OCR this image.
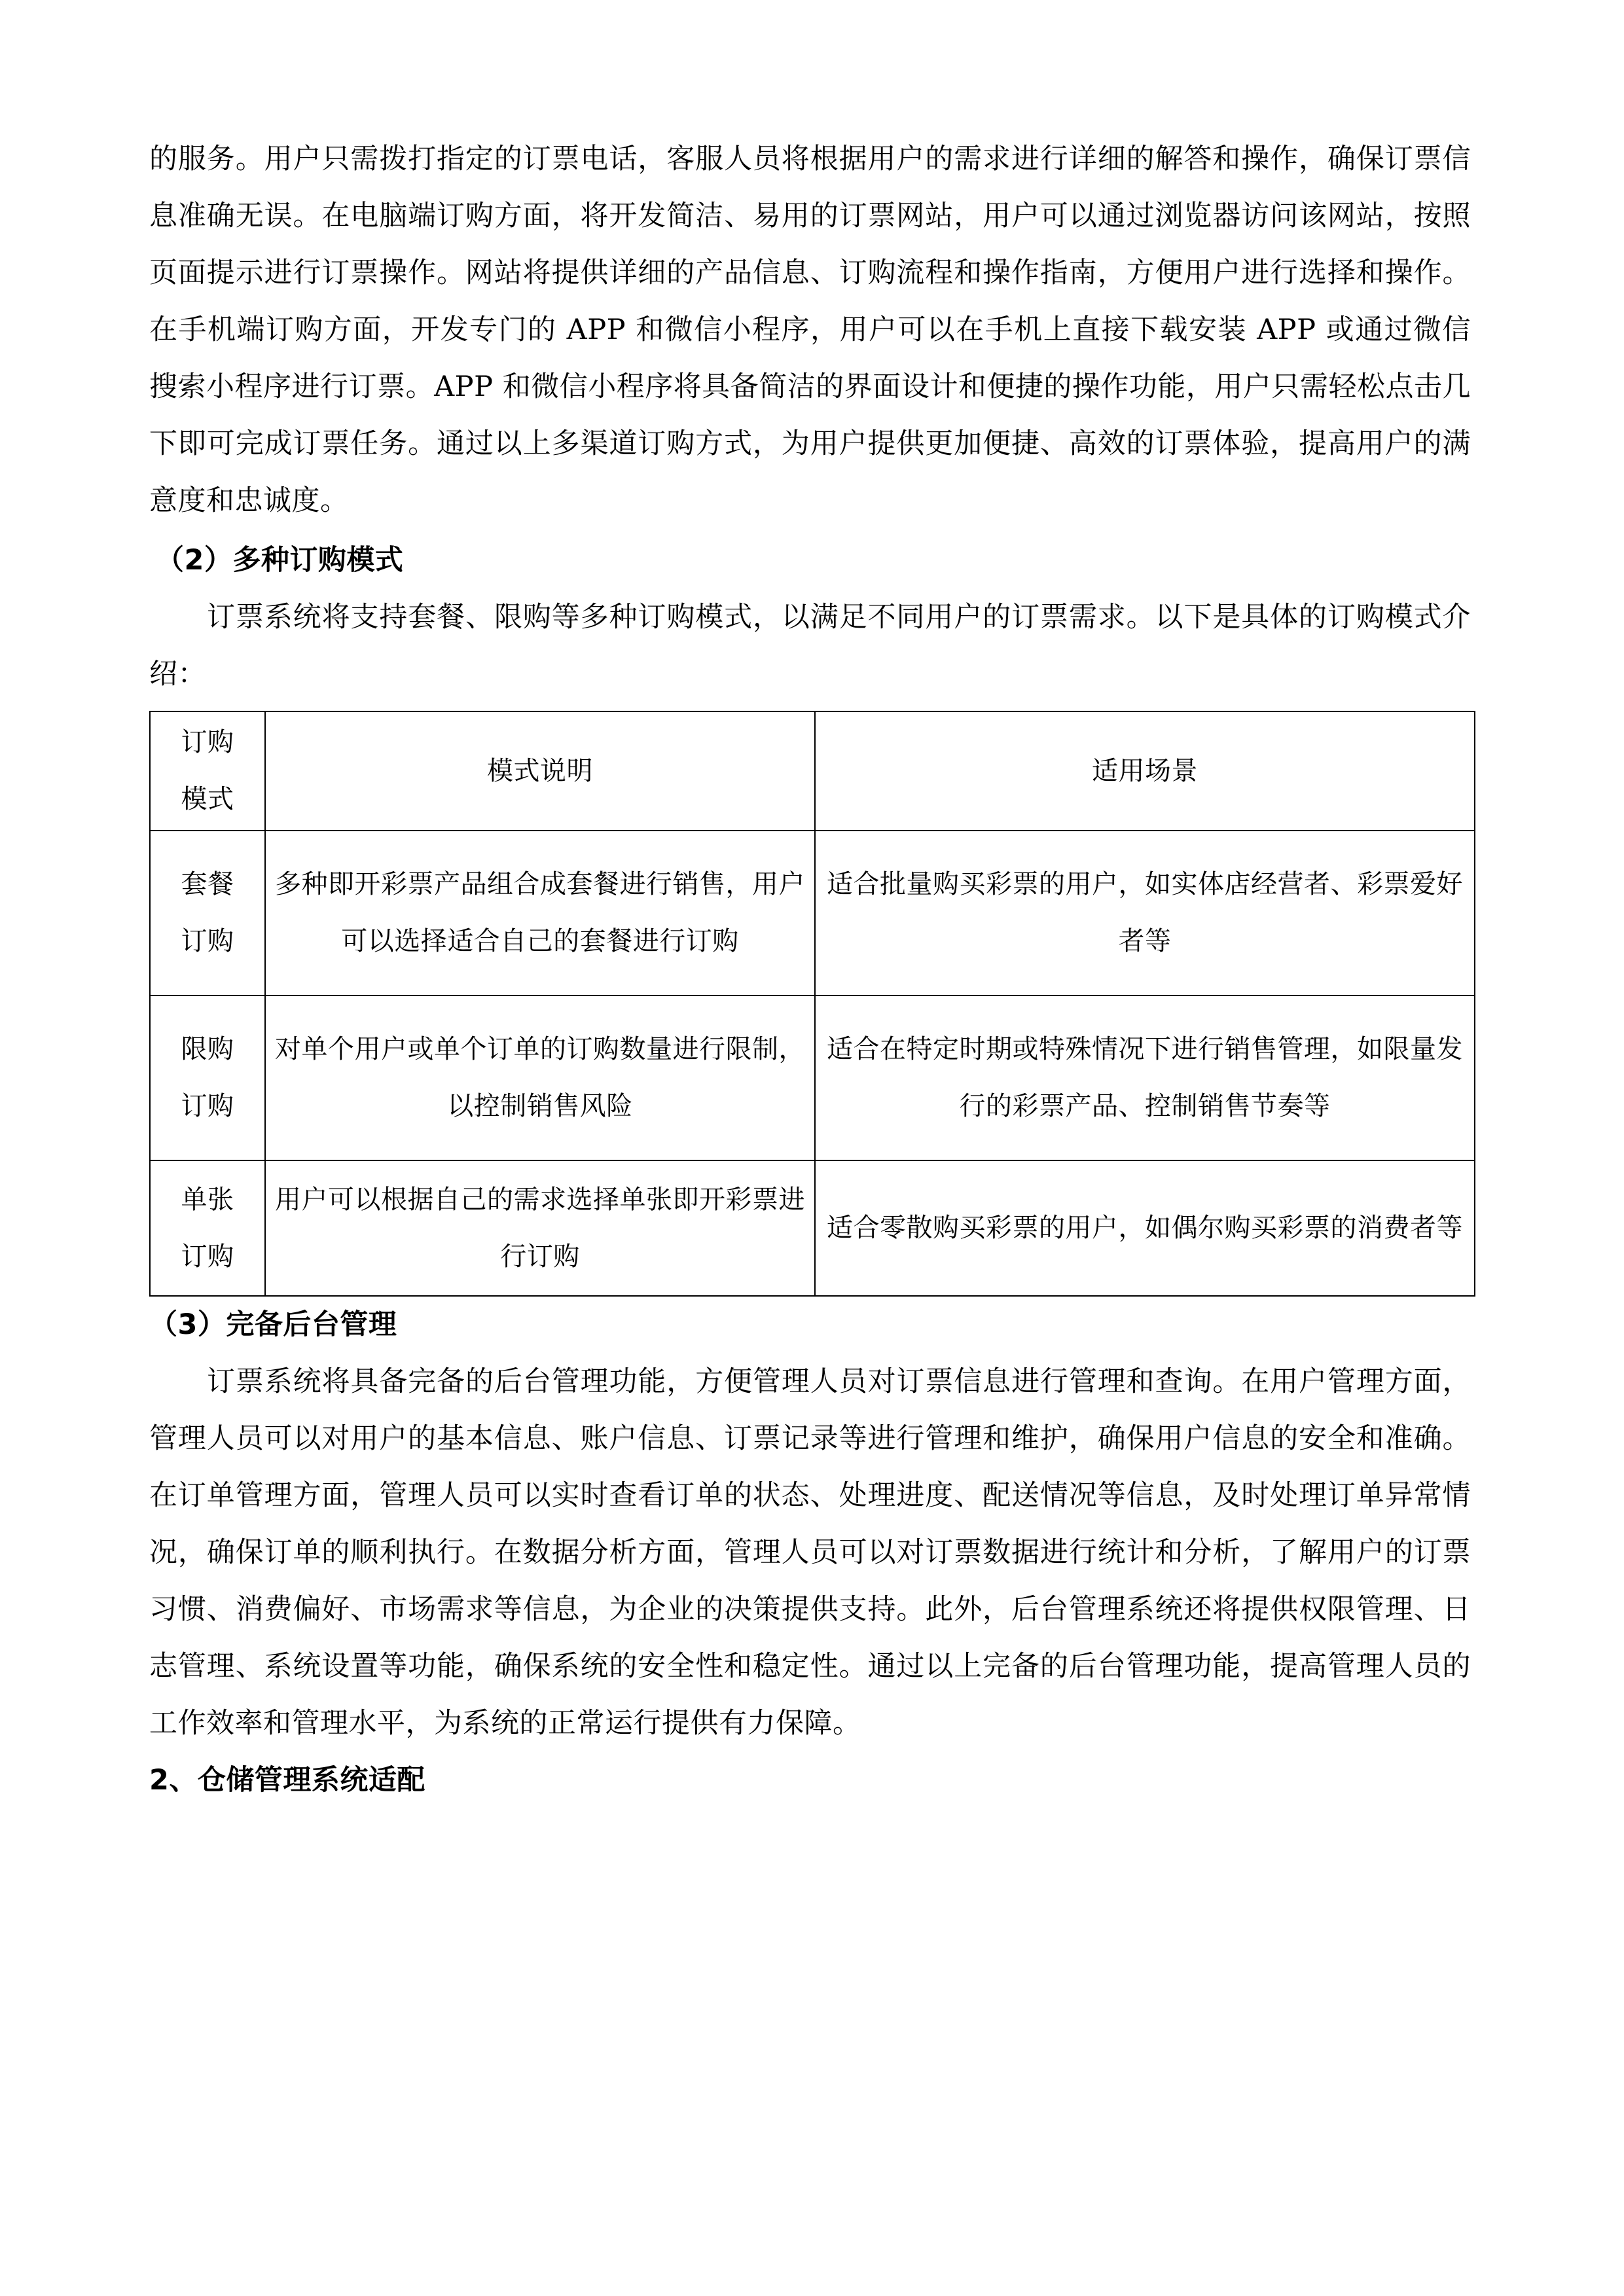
的服务。用户只需拨打指定的订票电话，客服人员将根据用户的需求进行详细的解答和操作，确保订票信息准确无误。在电脑端订购方面，将开发简洁、易用的订票网站，用户可以通过浏览器访问该网站，按照页面提示进行订票操作。网站将提供详细的产品信息、订购流程和操作指南，方便用户进行选择和操作。在手机端订购方面，开发专门的 APP 和微信小程序，用户可以在手机上直接下载安装 APP 或通过微信搜索小程序进行订票。APP 和微信小程序将具备简洁的界面设计和便捷的操作功能，用户只需轻松点击几下即可完成订票任务。通过以上多渠道订购方式，为用户提供更加便捷、高效的订票体验，提高用户的满意度和忠诚度。

（2）多种订购模式

订票系统将支持套餐、限购等多种订购模式，以满足不同用户的订票需求。以下是具体的订购模式介绍：

订购
模式	模式说明	适用场景

套餐
订购	多种即开彩票产品组合成套餐进行销售，用户可以选择适合自己的套餐进行订购	适合批量购买彩票的用户，如实体店经营者、彩票爱好者等

限购
订购	对单个用户或单个订单的订购数量进行限制，以控制销售风险	适合在特定时期或特殊情况下进行销售管理，如限量发行的彩票产品、控制销售节奏等

单张
订购	用户可以根据自己的需求选择单张即开彩票进行订购	适合零散购买彩票的用户，如偶尔购买彩票的消费者等

（3）完备后台管理

订票系统将具备完备的后台管理功能，方便管理人员对订票信息进行管理和查询。在用户管理方面，管理人员可以对用户的基本信息、账户信息、订票记录等进行管理和维护，确保用户信息的安全和准确。在订单管理方面，管理人员可以实时查看订单的状态、处理进度、配送情况等信息，及时处理订单异常情况，确保订单的顺利执行。在数据分析方面，管理人员可以对订票数据进行统计和分析，了解用户的订票习惯、消费偏好、市场需求等信息，为企业的决策提供支持。此外，后台管理系统还将提供权限管理、日志管理、系统设置等功能，确保系统的安全性和稳定性。通过以上完备的后台管理功能，提高管理人员的工作效率和管理水平，为系统的正常运行提供有力保障。

2、仓储管理系统适配
